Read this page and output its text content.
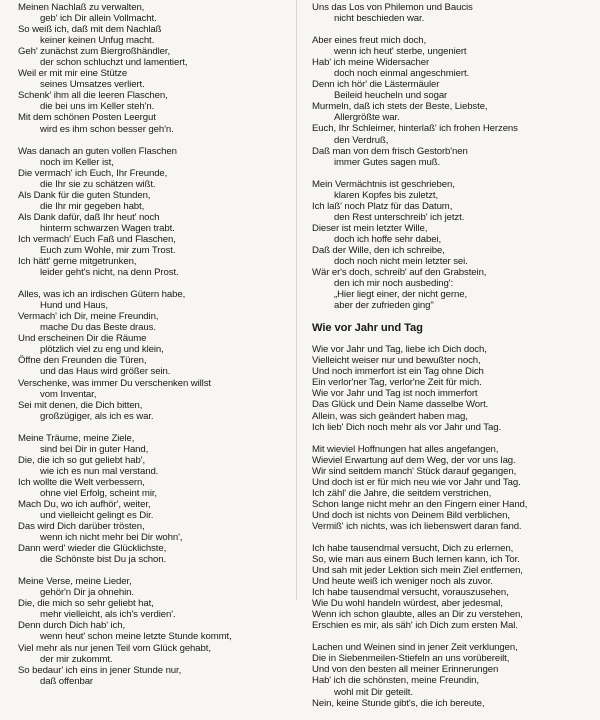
Meinen Nachlaß zu verwalten,
geb' ich Dir allein Vollmacht.
So weiß ich, daß mit dem Nachlaß
keiner keinen Unfug macht.
Geh' zunächst zum Biergroßhändler,
der schon schluchzt und lamentiert,
Weil er mit mir eine Stütze
seines Umsatzes verliert.
Schenk' ihm all die leeren Flaschen,
die bei uns im Keller steh'n.
Mit dem schönen Posten Leergut
wird es ihm schon besser geh'n.
Was danach an guten vollen Flaschen
noch im Keller ist,
Die vermach' ich Euch, Ihr Freunde,
die Ihr sie zu schätzen wißt.
Als Dank für die guten Stunden,
die Ihr mir gegeben habt,
Als Dank dafür, daß Ihr heut' noch
hinterm schwarzen Wagen trabt.
Ich vermach' Euch Faß und Flaschen,
Euch zum Wohle, mir zum Trost.
Ich hätt' gerne mitgetrunken,
leider geht's nicht, na denn Prost.
Alles, was ich an irdischen Gütern habe,
Hund und Haus,
Vermach' ich Dir, meine Freundin,
mache Du das Beste draus.
Und erscheinen Dir die Räume
plötzlich viel zu eng und klein,
Öffne den Freunden die Türen,
und das Haus wird größer sein.
Verschenke, was immer Du verschenken willst
vom Inventar,
Sei mit denen, die Dich bitten,
großzügiger, als ich es war.
Meine Träume, meine Ziele,
sind bei Dir in guter Hand,
Die, die ich so gut geliebt hab',
wie ich es nun mal verstand.
Ich wollte die Welt verbessern,
ohne viel Erfolg, scheint mir,
Mach Du, wo ich aufhör', weiter,
und vielleicht gelingt es Dir.
Das wird Dich darüber trösten,
wenn ich nicht mehr bei Dir wohn',
Dann werd' wieder die Glücklichste,
die Schönste bist Du ja schon.
Meine Verse, meine Lieder,
gehör'n Dir ja ohnehin.
Die, die mich so sehr geliebt hat,
mehr vielleicht, als ich's verdien'.
Denn durch Dich hab' ich,
wenn heut' schon meine letzte Stunde kommt,
Viel mehr als nur jenen Teil vom Glück gehabt,
der mir zukommt.
So bedaur' ich eins in jener Stunde nur,
daß offenbar
Uns das Los von Philemon und Baucis
nicht beschieden war.
Aber eines freut mich doch,
wenn ich heut' sterbe, ungeniert
Hab' ich meine Widersacher
doch noch einmal angeschmiert.
Denn ich hör' die Lästermäuler
Beileid heucheln und sogar
Murmeln, daß ich stets der Beste, Liebste,
Allergrößte war.
Euch, Ihr Schleimer, hinterlaß' ich frohen Herzens
den Verdruß,
Daß man von dem frisch Gestorb'nen
immer Gutes sagen muß.
Mein Vermächtnis ist geschrieben,
klaren Kopfes bis zuletzt,
Ich laß' noch Platz für das Datum,
den Rest unterschreib' ich jetzt.
Dieser ist mein letzter Wille,
doch ich hoffe sehr dabei,
Daß der Wille, den ich schreibe,
doch noch nicht mein letzter sei.
Wär er's doch, schreib' auf den Grabstein,
den ich mir noch ausbeding':
„Hier liegt einer, der nicht gerne,
aber der zufrieden ging"
Wie vor Jahr und Tag
Wie vor Jahr und Tag, liebe ich Dich doch,
Vielleicht weiser nur und bewußter noch,
Und noch immerfort ist ein Tag ohne Dich
Ein verlor'ner Tag, verlor'ne Zeit für mich.
Wie vor Jahr und Tag ist noch immerfort
Das Glück und Dein Name dasselbe Wort.
Allein, was sich geändert haben mag,
Ich lieb' Dich noch mehr als vor Jahr und Tag.
Mit wieviel Hoffnungen hat alles angefangen,
Wieviel Erwartung auf dem Weg, der vor uns lag.
Wir sind seitdem manch' Stück darauf gegangen,
Und doch ist er für mich neu wie vor Jahr und Tag.
Ich zähl' die Jahre, die seitdem verstrichen,
Schon lange nicht mehr an den Fingern einer Hand,
Und doch ist nichts von Deinem Bild verblichen,
Vermiß' ich nichts, was ich liebenswert daran fand.
Ich habe tausendmal versucht, Dich zu erlernen,
So, wie man aus einem Buch lernen kann, ich Tor.
Und sah mit jeder Lektion sich mein Ziel entfernen,
Und heute weiß ich weniger noch als zuvor.
Ich habe tausendmal versucht, vorauszusehen,
Wie Du wohl handeln würdest, aber jedesmal,
Wenn ich schon glaubte, alles an Dir zu verstehen,
Erschien es mir, als säh' ich Dich zum ersten Mal.
Lachen und Weinen sind in jener Zeit verklungen,
Die in Siebenmeilen-Stiefeln an uns vorübereilt,
Und von den besten all meiner Erinnerungen
Hab' ich die schönsten, meine Freundin,
wohl mit Dir geteilt.
Nein, keine Stunde gibt's, die ich bereute,
